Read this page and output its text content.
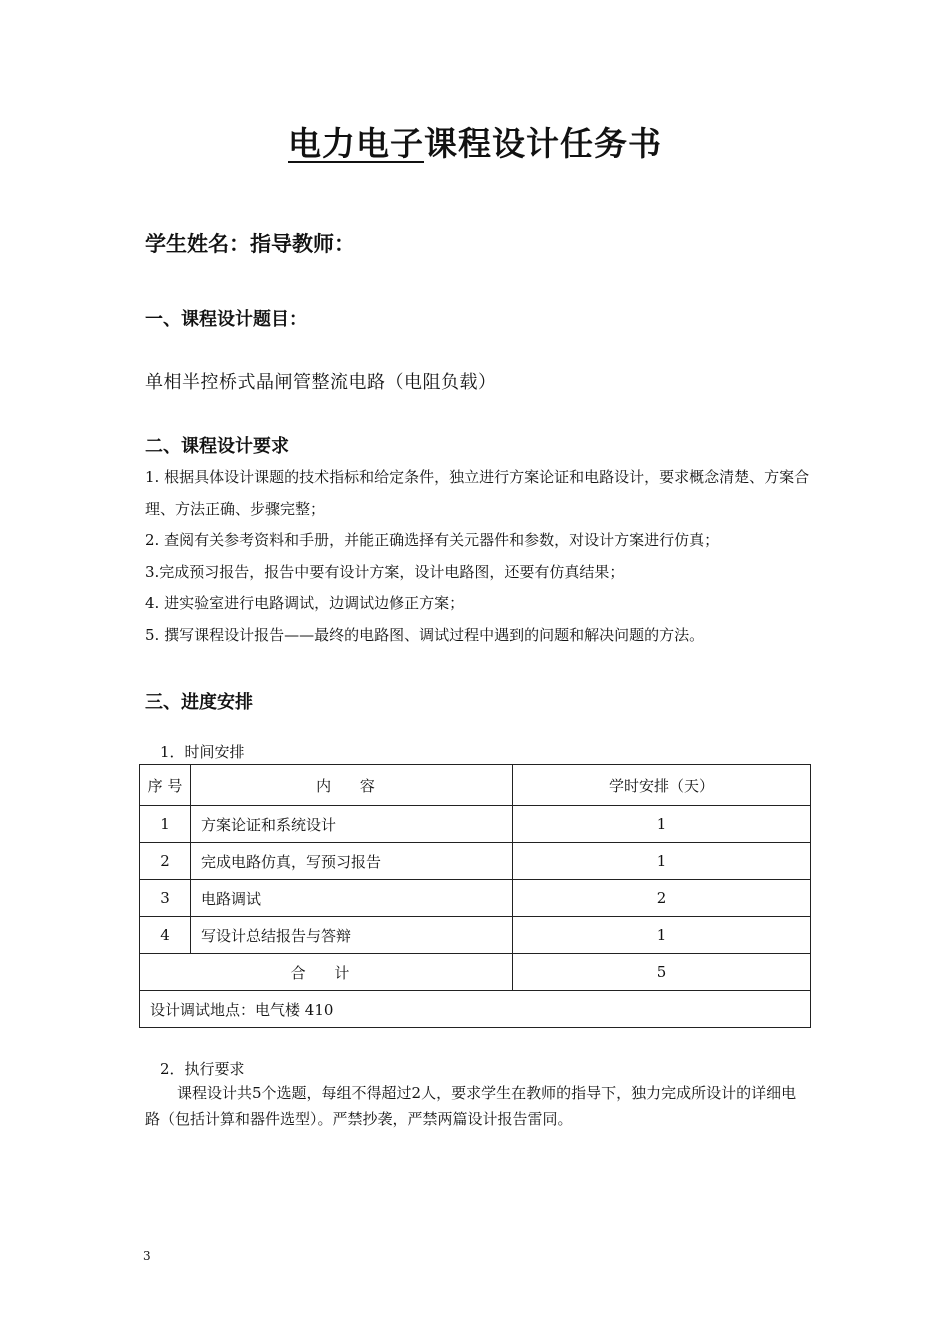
电力电子课程设计任务书
学生姓名：指导教师：
一、课程设计题目：
单相半控桥式晶闸管整流电路（电阻负载）
二、课程设计要求

1. 根据具体设计课题的技术指标和给定条件，独立进行方案论证和电路设计，要求概念清楚、方案合理、方法正确、步骤完整；

2. 查阅有关参考资料和手册，并能正确选择有关元器件和参数，对设计方案进行仿真；

3.完成预习报告，报告中要有设计方案，设计电路图，还要有仿真结果；

4. 进实验室进行电路调试，边调试边修正方案；

5. 撰写课程设计报告——最终的电路图、调试过程中遇到的问题和解决问题的方法。

三、进度安排
1．时间安排
序 号	内 容	学时安排（天）
1	方案论证和系统设计	1
2	完成电路仿真，写预习报告	1
3	电路调试	2
4	写设计总结报告与答辩	1
合 计		5
设计调试地点：电气楼 410		
2．执行要求

课程设计共5个选题，每组不得超过2人，要求学生在教师的指导下，独力完成所设计的详细电路（包括计算和器件选型）。严禁抄袭，严禁两篇设计报告雷同。

3
